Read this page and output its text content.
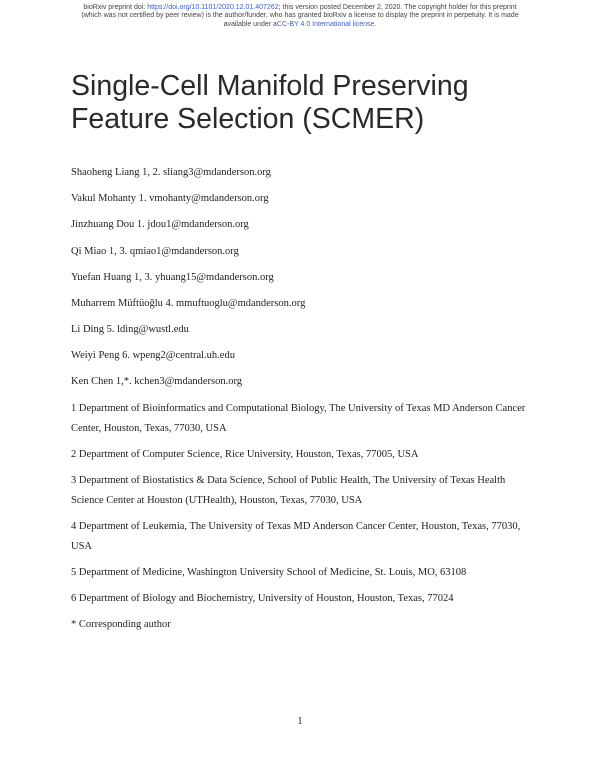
bioRxiv preprint doi: https://doi.org/10.1101/2020.12.01.407262; this version posted December 2, 2020. The copyright holder for this preprint
(which was not certified by peer review) is the author/funder, who has granted bioRxiv a license to display the preprint in perpetuity. It is made
available under aCC-BY 4.0 International license.
Single-Cell Manifold Preserving
Feature Selection (SCMER)
Shaoheng Liang 1, 2. sliang3@mdanderson.org
Vakul Mohanty 1. vmohanty@mdanderson.org
Jinzhuang Dou 1. jdou1@mdanderson.org
Qi Miao 1, 3. qmiao1@mdanderson.org
Yuefan Huang 1, 3. yhuang15@mdanderson.org
Muharrem Müftüoğlu 4. mmuftuoglu@mdanderson.org
Li Ding 5. lding@wustl.edu
Weiyi Peng 6. wpeng2@central.uh.edu
Ken Chen 1,*. kchen3@mdanderson.org
1 Department of Bioinformatics and Computational Biology, The University of Texas MD Anderson Cancer Center, Houston, Texas, 77030, USA
2 Department of Computer Science, Rice University, Houston, Texas, 77005, USA
3 Department of Biostatistics & Data Science, School of Public Health, The University of Texas Health Science Center at Houston (UTHealth), Houston, Texas, 77030, USA
4 Department of Leukemia, The University of Texas MD Anderson Cancer Center, Houston, Texas, 77030, USA
5 Department of Medicine, Washington University School of Medicine, St. Louis, MO, 63108
6 Department of Biology and Biochemistry, University of Houston, Houston, Texas, 77024
* Corresponding author
1
